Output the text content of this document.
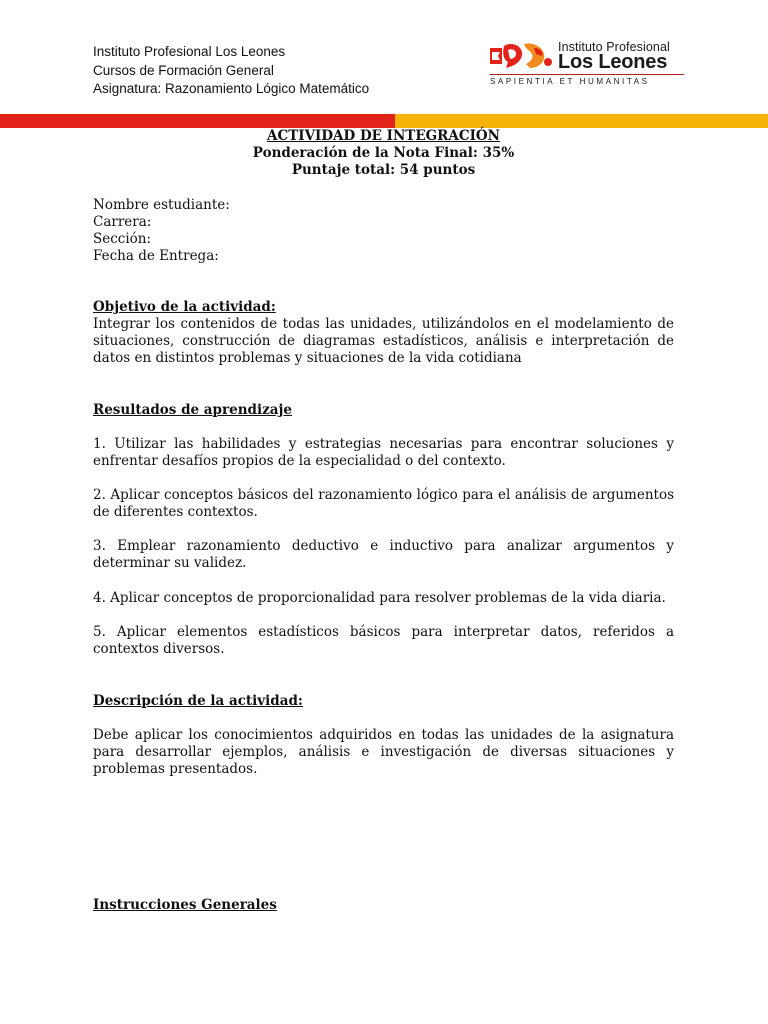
Instituto Profesional Los Leones
Cursos de Formación General
Asignatura: Razonamiento Lógico Matemático
Instituto Profesional
Los Leones
SAPIENTIA ET HUMANITAS

ACTIVIDAD DE INTEGRACIÓN

Ponderación de la Nota Final: 35%

Puntaje total: 54 puntos

Nombre estudiante:

Carrera:

Sección:

Fecha de Entrega:

Objetivo de la actividad:

Integrar los contenidos de todas las unidades, utilizándolos en el modelamiento de situaciones, construcción de diagramas estadísticos, análisis e interpretación de datos en distintos problemas y situaciones de la vida cotidiana

Resultados de aprendizaje

1. Utilizar las habilidades y estrategias necesarias para encontrar soluciones y enfrentar desafíos propios de la especialidad o del contexto.
2. Aplicar conceptos básicos del razonamiento lógico para el análisis de argumentos de diferentes contextos.
3. Emplear razonamiento deductivo e inductivo para analizar argumentos y determinar su validez.
4. Aplicar conceptos de proporcionalidad para resolver problemas de la vida diaria.
5. Aplicar elementos estadísticos básicos para interpretar datos, referidos a contextos diversos.

Descripción de la actividad:

Debe aplicar los conocimientos adquiridos en todas las unidades de la asignatura para desarrollar ejemplos, análisis e investigación de diversas situaciones y problemas presentados.

Instrucciones Generales
